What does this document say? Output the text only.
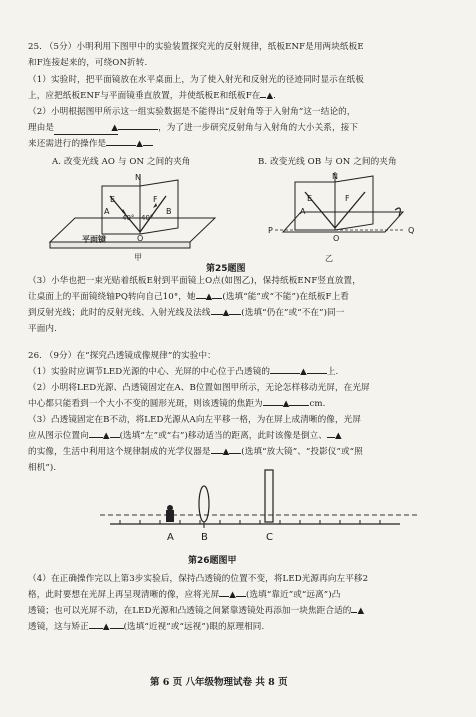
25. （5分）小明利用下图甲中的实验装置探究光的反射规律，纸板ENF是用两块纸板E
和F连接起来的，可绕ON折转.
（1）实验时，把平面镜放在水平桌面上，为了使入射光和反射光的径迹同时显示在纸板
上，应把纸板ENF与平面镜垂直放置，并使纸板E和纸板F在 ▲.
（2）小明根据图甲所示这一组实验数据是不能得出“反射角等于入射角”这一结论的，
理由是	▲	，为了进一步研究反射角与入射角的大小关系，接下
来还需进行的操作是	▲
A. 改变光线 AO 与 ON 之间的夹角	B. 改变光线 OB 与 ON 之间的夹角
N
E	F
A	B
40° 40°
O
平面镜
甲
N
E	F
A
P	Q
O
乙
第25题图
（3）小华也把一束光贴着纸板E射到平面镜上O点(如图乙)，保持纸板ENF竖直放置，
让桌面上的平面镜绕轴PQ转向自己10°，她 ▲ (选填“能”或“不能”)在纸板F上看
到反射光线；此时的反射光线、入射光线及法线 ▲ (选填“仍在”或“不在”)同一
平面内.
26. （9分）在“探究凸透镜成像规律”的实验中：
（1）实验时应调节LED光源的中心、光屏的中心位于凸透镜的	▲ 上.
（2）小明将LED光源、凸透镜固定在A、B位置如图甲所示，无论怎样移动光屏，在光屏
中心都只能看到一个大小不变的圆形光斑，则该透镜的焦距为 ▲ cm.
（3）凸透镜固定在B不动，将LED光源从A向左平移一格，为在屏上成清晰的像，光屏
应从图示位置向 ▲ (选填“左”或“右”)移动适当的距离，此时该像是倒立、 ▲
的实像，生活中利用这个规律制成的光学仪器是 ▲ (选填“放大镜”、“投影仪”或“照
相机”).
A	B	C
第26题图甲
（4）在正确操作完以上第3步实验后，保持凸透镜的位置不变，将LED光源再向左平移2
格，此时要想在光屏上再呈现清晰的像，应将光屏 ▲ (选填“靠近”或“远离”)凸
透镜；也可以光屏不动，在LED光源和凸透镜之间紧靠透镜处再添加一块焦距合适的 ▲
透镜，这与矫正 ▲ (选填“近视”或“远视”)眼的原理相同.
第 6 页 八年级物理试卷 共 8 页
